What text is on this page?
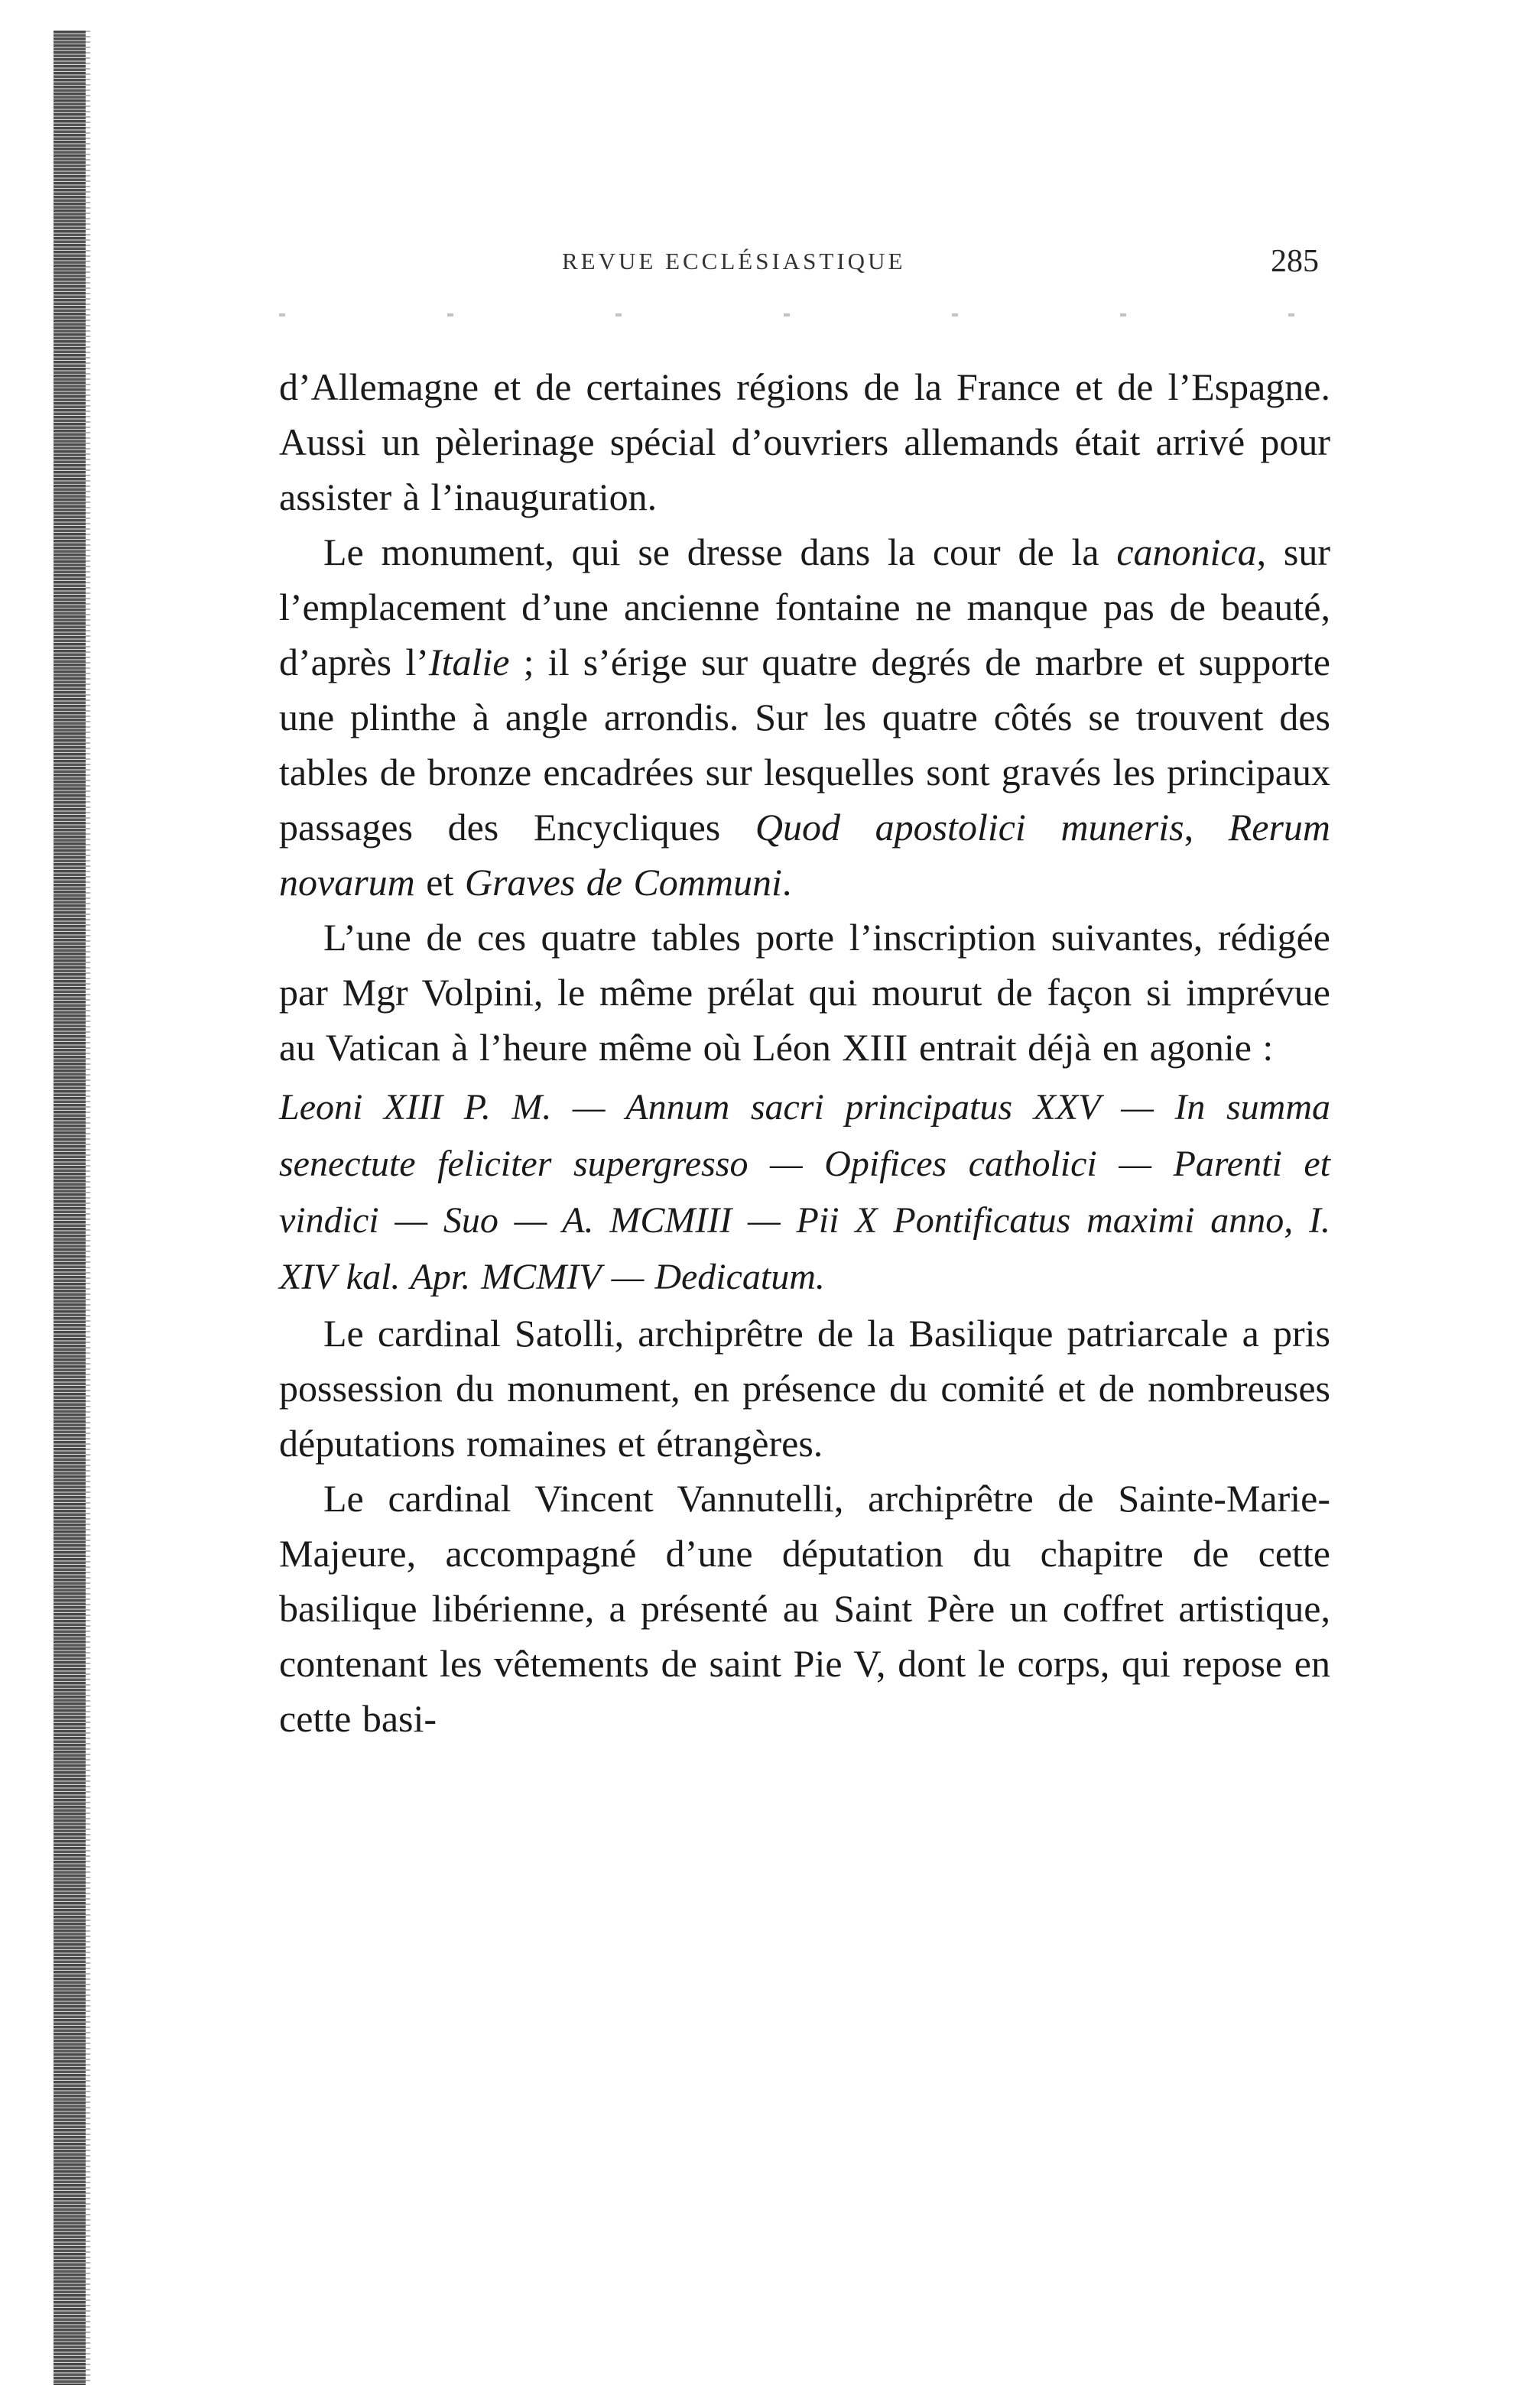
REVUE ECCLÉSIASTIQUE	285

d’Allemagne et de certaines régions de la France et de l’Espagne. Aussi un pèlerinage spécial d’ouvriers allemands était arrivé pour assister à l’inauguration.

Le monument, qui se dresse dans la cour de la canonica, sur l’emplacement d’une ancienne fontaine ne manque pas de beauté, d’après l’Italie ; il s’érige sur quatre degrés de marbre et supporte une plinthe à angle arrondis. Sur les quatre côtés se trouvent des tables de bronze encadrées sur lesquelles sont gravés les principaux passages des Encycliques Quod apostolici muneris, Rerum novarum et Graves de Communi.

L’une de ces quatre tables porte l’inscription suivantes, rédigée par Mgr Volpini, le même prélat qui mourut de façon si imprévue au Vatican à l’heure même où Léon XIII entrait déjà en agonie :

Leoni XIII P. M. — Annum sacri principatus XXV — In summa senectute feliciter supergresso — Opifices catholici — Parenti et vindici — Suo — A. MCMIII — Pii X Pontificatus maximi anno, I. XIV kal. Apr. MCMIV — Dedicatum.

Le cardinal Satolli, archiprêtre de la Basilique patriarcale a pris possession du monument, en présence du comité et de nombreuses députations romaines et étrangères.

Le cardinal Vincent Vannutelli, archiprêtre de Sainte-Marie-Majeure, accompagné d’une députation du chapitre de cette basilique libérienne, a présenté au Saint Père un coffret artistique, contenant les vêtements de saint Pie V, dont le corps, qui repose en cette basi-
